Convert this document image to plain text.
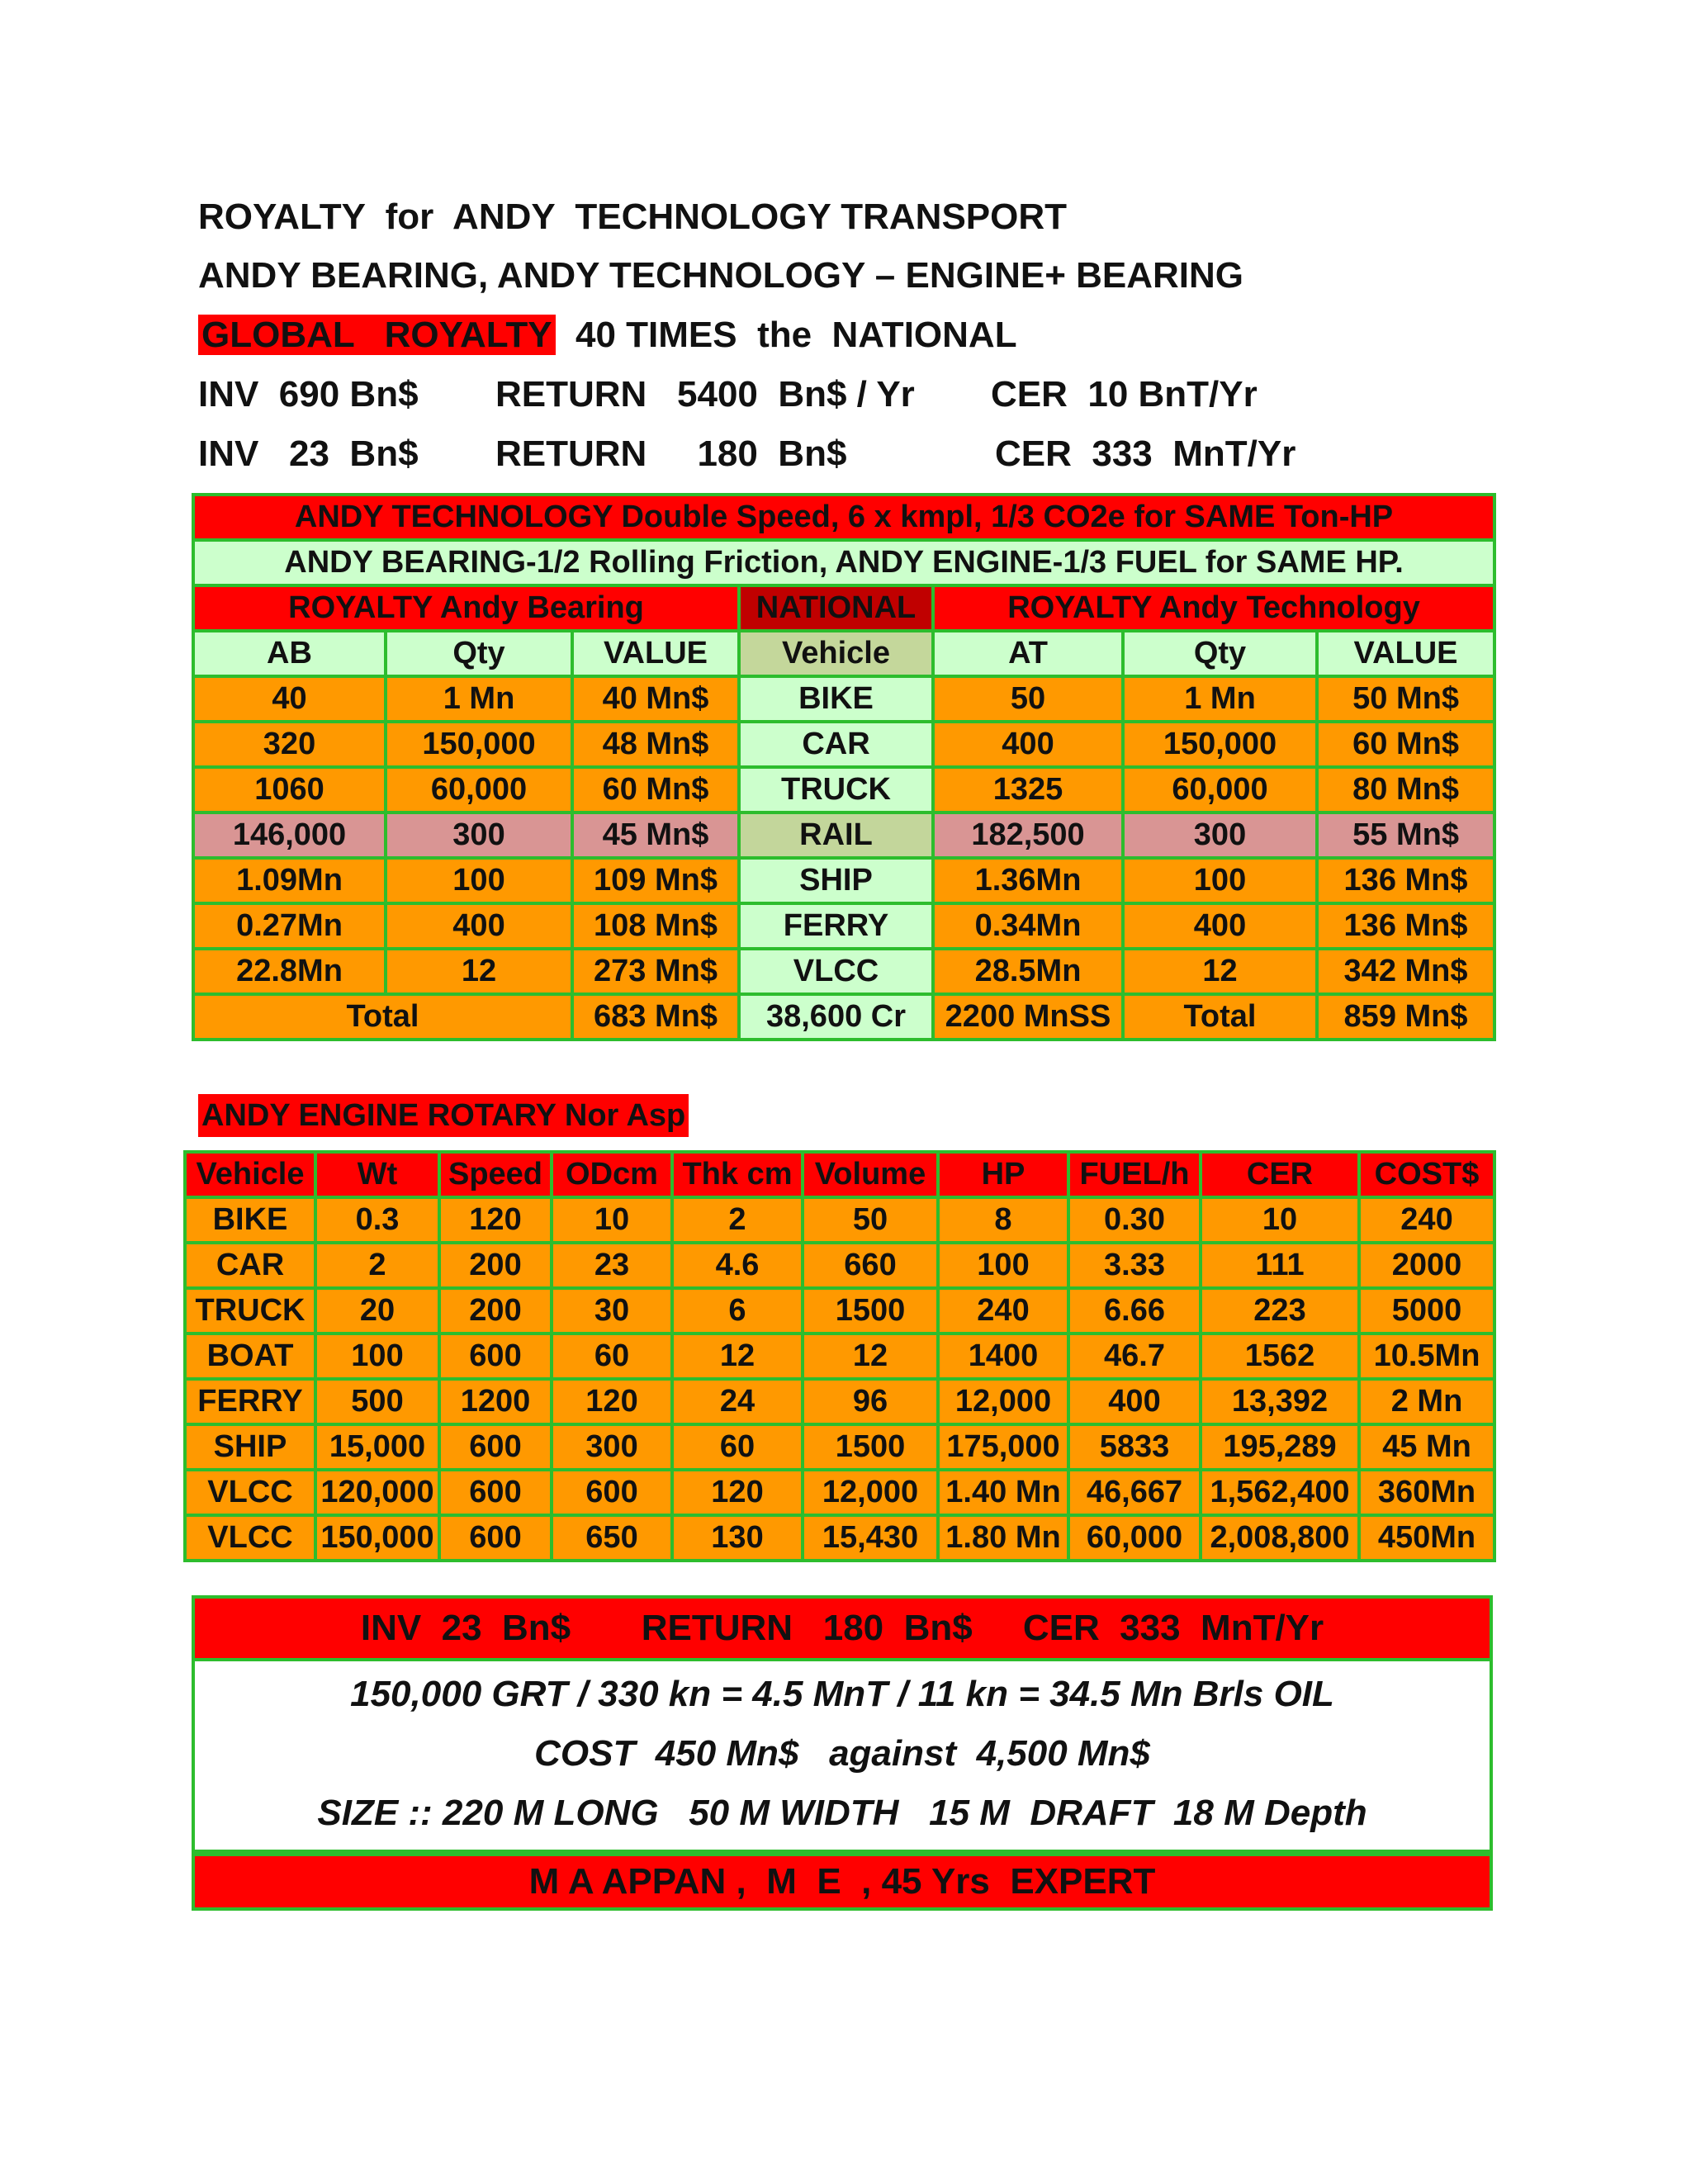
ROYALTY  for  ANDY  TECHNOLOGY TRANSPORT
ANDY BEARING, ANDY TECHNOLOGY – ENGINE+ BEARING
GLOBAL   ROYALTY  40 TIMES  the  NATIONAL
INV  690 Bn$ RETURN   5400  Bn$ / Yr CER  10 BnT/Yr
INV   23  Bn$ RETURN     180  Bn$	CER  333  MnT/Yr
ANDY TECHNOLOGY Double Speed, 6 x kmpl, 1/3 CO2e for SAME Ton-HP						
ANDY BEARING-1/2 Rolling Friction, ANDY ENGINE-1/3 FUEL for SAME HP.						
ROYALTY Andy Bearing			NATIONAL	ROYALTY Andy Technology		
AB	Qty	VALUE	Vehicle	AT	Qty	VALUE
40	1 Mn	40 Mn$	BIKE	50	1 Mn	50 Mn$
320	150,000	48 Mn$	CAR	400	150,000	60 Mn$
1060	60,000	60 Mn$	TRUCK	1325	60,000	80 Mn$
146,000	300	45 Mn$	RAIL	182,500	300	55 Mn$
1.09Mn	100	109 Mn$	SHIP	1.36Mn	100	136 Mn$
0.27Mn	400	108 Mn$	FERRY	0.34Mn	400	136 Mn$
22.8Mn	12	273 Mn$	VLCC	28.5Mn	12	342 Mn$
Total		683 Mn$	38,600 Cr	2200 MnSS	Total	859 Mn$
ANDY ENGINE ROTARY Nor Asp
Vehicle	Wt	Speed	ODcm	Thk cm	Volume	HP	FUEL/h	CER	COST$
BIKE	0.3	120	10	2	50	8	0.30	10	240
CAR	2	200	23	4.6	660	100	3.33	111	2000
TRUCK	20	200	30	6	1500	240	6.66	223	5000
BOAT	100	600	60	12	12	1400	46.7	1562	10.5Mn
FERRY	500	1200	120	24	96	12,000	400	13,392	2 Mn
SHIP	15,000	600	300	60	1500	175,000	5833	195,289	45 Mn
VLCC	120,000	600	600	120	12,000	1.40 Mn	46,667	1,562,400	360Mn
VLCC	150,000	600	650	130	15,430	1.80 Mn	60,000	2,008,800	450Mn
INV  23  Bn$       RETURN   180  Bn$     CER  333  MnT/Yr
150,000 GRT / 330 kn = 4.5 MnT / 11 kn = 34.5 Mn Brls OIL
COST  450 Mn$   against  4,500 Mn$
SIZE :: 220 M LONG   50 M WIDTH   15 M  DRAFT  18 M Depth
M A APPAN ,  M  E  , 45 Yrs  EXPERT
